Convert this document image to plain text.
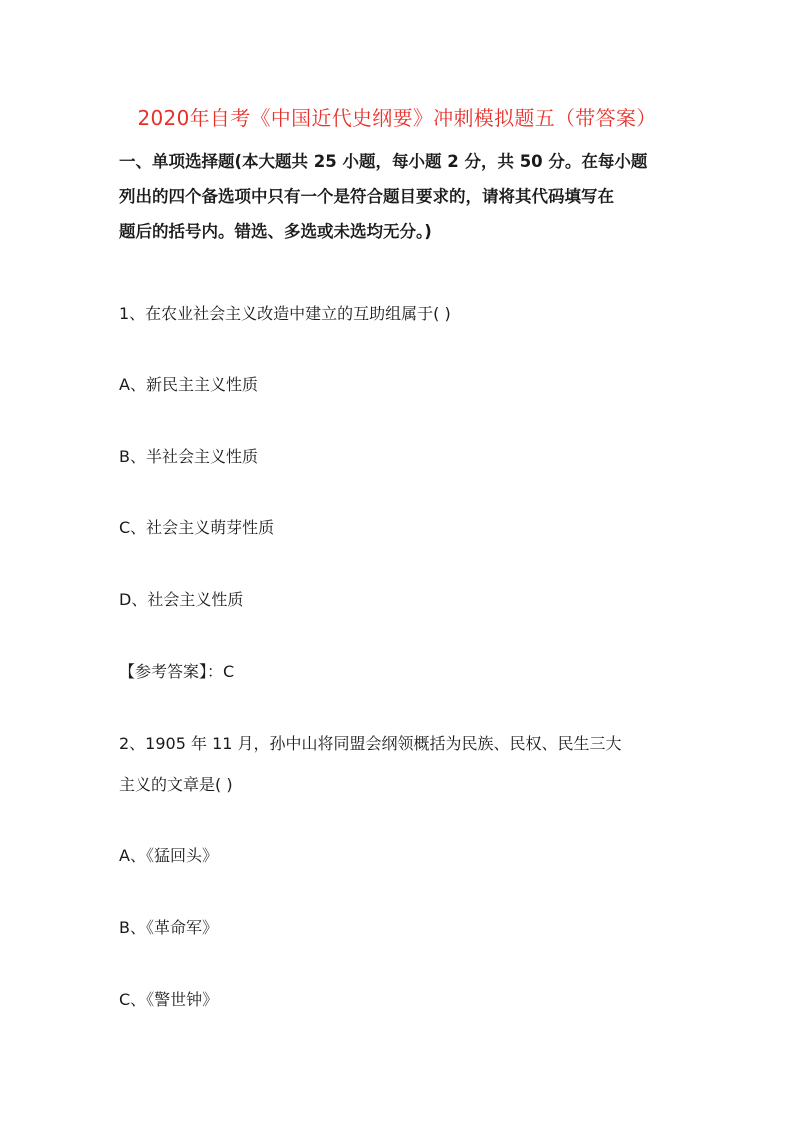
2020年自考《中国近代史纲要》冲刺模拟题五（带答案）
一、单项选择题(本大题共 25 小题，每小题 2 分，共 50 分。在每小题
列出的四个备选项中只有一个是符合题目要求的，请将其代码填写在
题后的括号内。错选、多选或未选均无分。)
1、在农业社会主义改造中建立的互助组属于( )
A、新民主主义性质
B、半社会主义性质
C、社会主义萌芽性质
D、社会主义性质
【参考答案】：C
2、1905 年 11 月，孙中山将同盟会纲领概括为民族、民权、民生三大
主义的文章是( )
A、《猛回头》
B、《革命军》
C、《警世钟》
